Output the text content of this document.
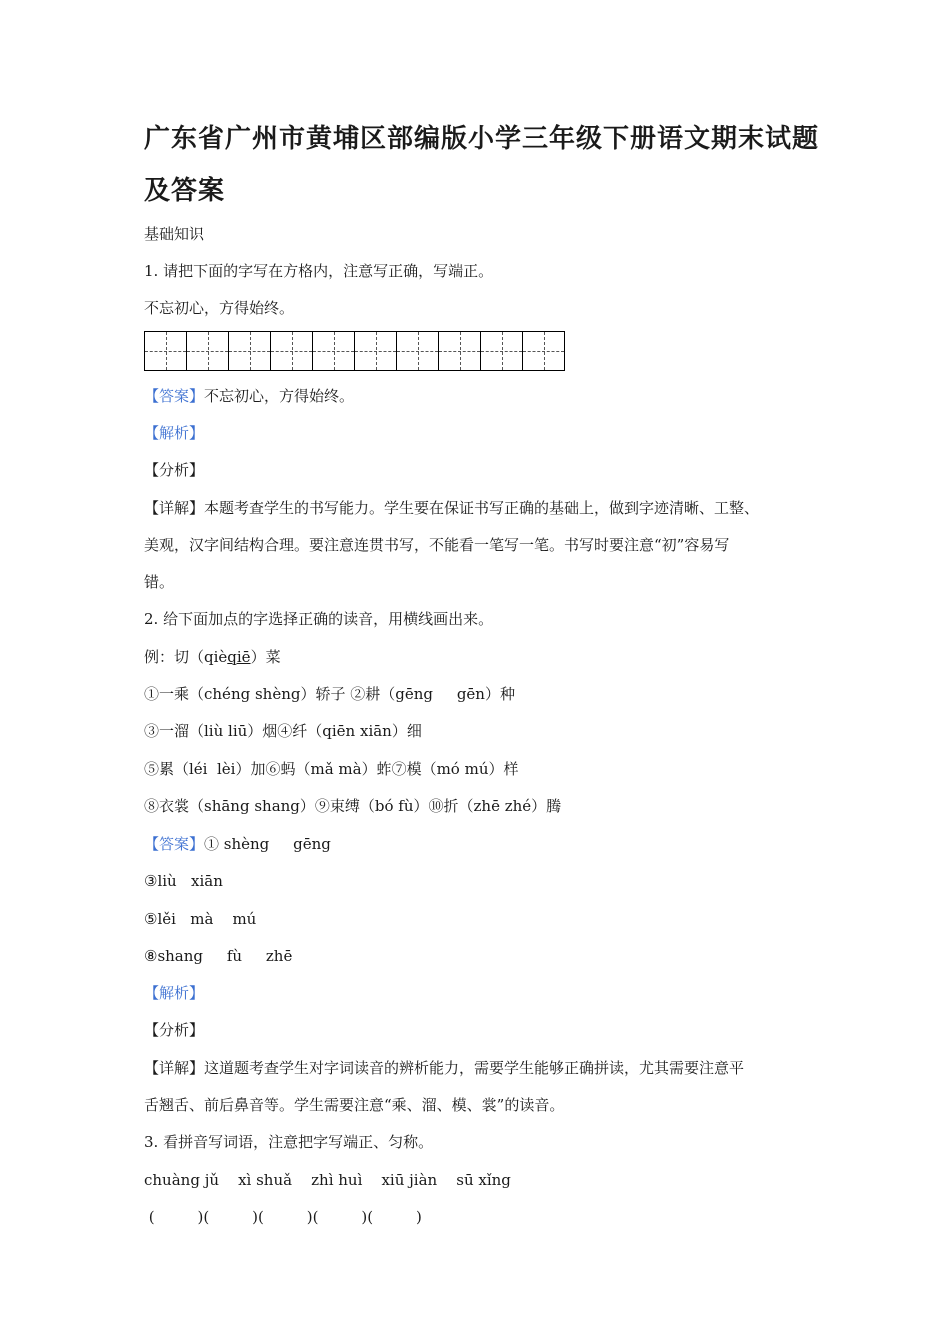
广东省广州市黄埔区部编版小学三年级下册语文期末试题
及答案
基础知识
1. 请把下面的字写在方格内，注意写正确，写端正。
不忘初心，方得始终。
【答案】不忘初心，方得始终。
【解析】
【分析】
【详解】本题考查学生的书写能力。学生要在保证书写正确的基础上，做到字迹清晰、工整、
美观，汉字间结构合理。要注意连贯书写，不能看一笔写一笔。书写时要注意“初”容易写
错。
2. 给下面加点的字选择正确的读音，用横线画出来。
例：切（qièqiē）菜
①一乘（chéng shèng）轿子 ②耕（gēng     gēn）种
③一溜（liù liū）烟④纤（qiēn xiān）细
⑤累（léi  lèi）加⑥蚂（mǎ mà）蚱⑦模（mó mú）样
⑧衣裳（shāng shang）⑨束缚（bó fù）⑩折（zhē zhé）腾
【答案】① shèng     gēng
③liù   xiān
⑤lěi   mà    mú
⑧shang     fù     zhē
【解析】
【分析】
【详解】这道题考查学生对字词读音的辨析能力，需要学生能够正确拼读，尤其需要注意平
舌翘舌、前后鼻音等。学生需要注意“乘、溜、模、裳”的读音。
3. 看拼音写词语，注意把字写端正、匀称。
chuàng jǔ    xì shuǎ    zhì huì    xiū jiàn    sū xǐng
(         )(         )(         )(         )(         )
